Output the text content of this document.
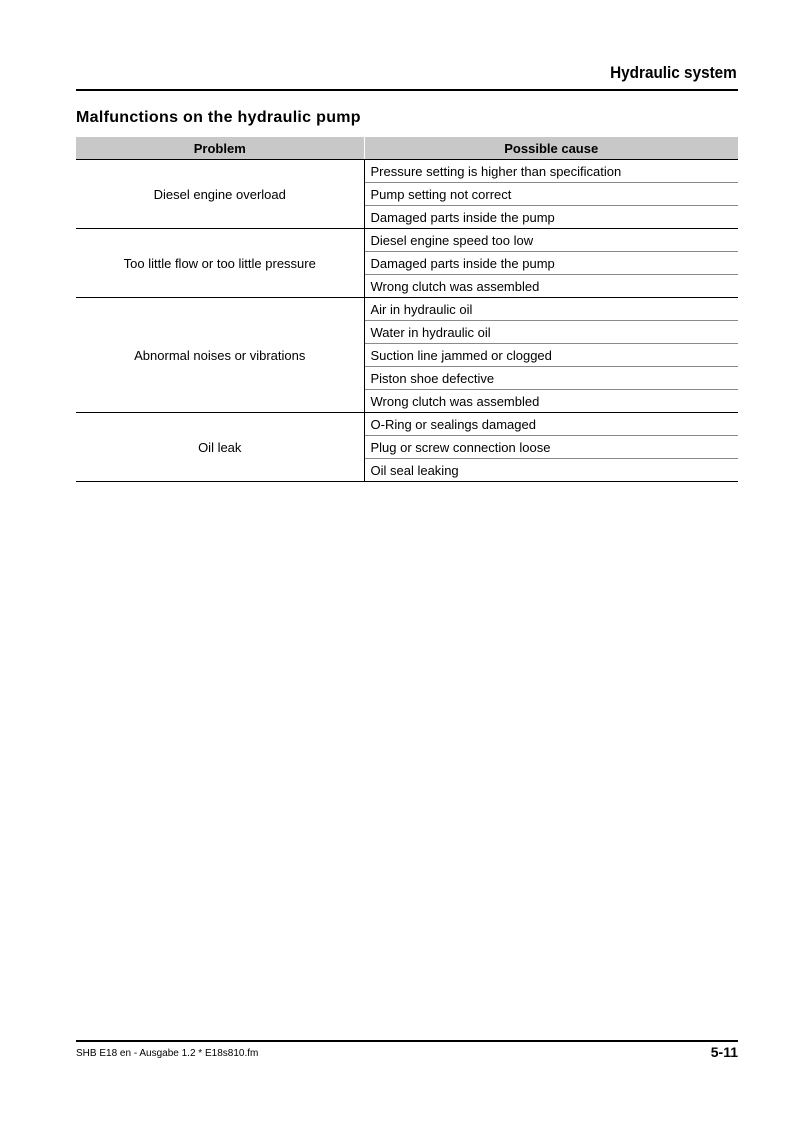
Hydraulic system
Malfunctions on the hydraulic pump
Problem	Possible cause
Diesel engine overload	Pressure setting is higher than specification
	Pump setting not correct
	Damaged parts inside the pump
Too little flow or too little pressure	Diesel engine speed too low
	Damaged parts inside the pump
	Wrong clutch was assembled
Abnormal noises or vibrations	Air in hydraulic oil
	Water in hydraulic oil
	Suction line jammed or clogged
	Piston shoe defective
	Wrong clutch was assembled
Oil leak	O-Ring or sealings damaged
	Plug or screw connection loose
	Oil seal leaking
SHB E18 en - Ausgabe 1.2 * E18s810.fm	5-11
